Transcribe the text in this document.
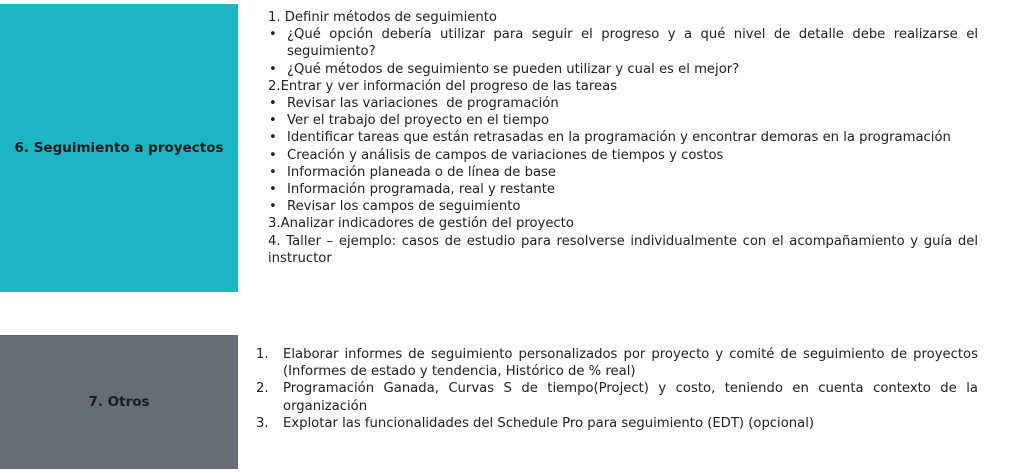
6. Seguimiento a proyectos
1. Definir métodos de seguimiento
• ¿Qué opción debería utilizar para seguir el progreso y a qué nivel de detalle debe realizarse el seguimiento?
• ¿Qué métodos de seguimiento se pueden utilizar y cual es el mejor?
2.Entrar y ver información del progreso de las tareas
• Revisar las variaciones  de programación
• Ver el trabajo del proyecto en el tiempo
• Identificar tareas que están retrasadas en la programación y encontrar demoras en la programación
• Creación y análisis de campos de variaciones de tiempos y costos
• Información planeada o de línea de base
• Información programada, real y restante
• Revisar los campos de seguimiento
3.Analizar indicadores de gestión del proyecto
4. Taller – ejemplo: casos de estudio para resolverse individualmente con el acompañamiento y guía del instructor
7. Otros
1. Elaborar informes de seguimiento personalizados por proyecto y comité de seguimiento de proyectos (Informes de estado y tendencia, Histórico de % real)
2. Programación Ganada, Curvas S de tiempo(Project) y costo, teniendo en cuenta contexto de la organización
3. Explotar las funcionalidades del Schedule Pro para seguimiento (EDT) (opcional)
